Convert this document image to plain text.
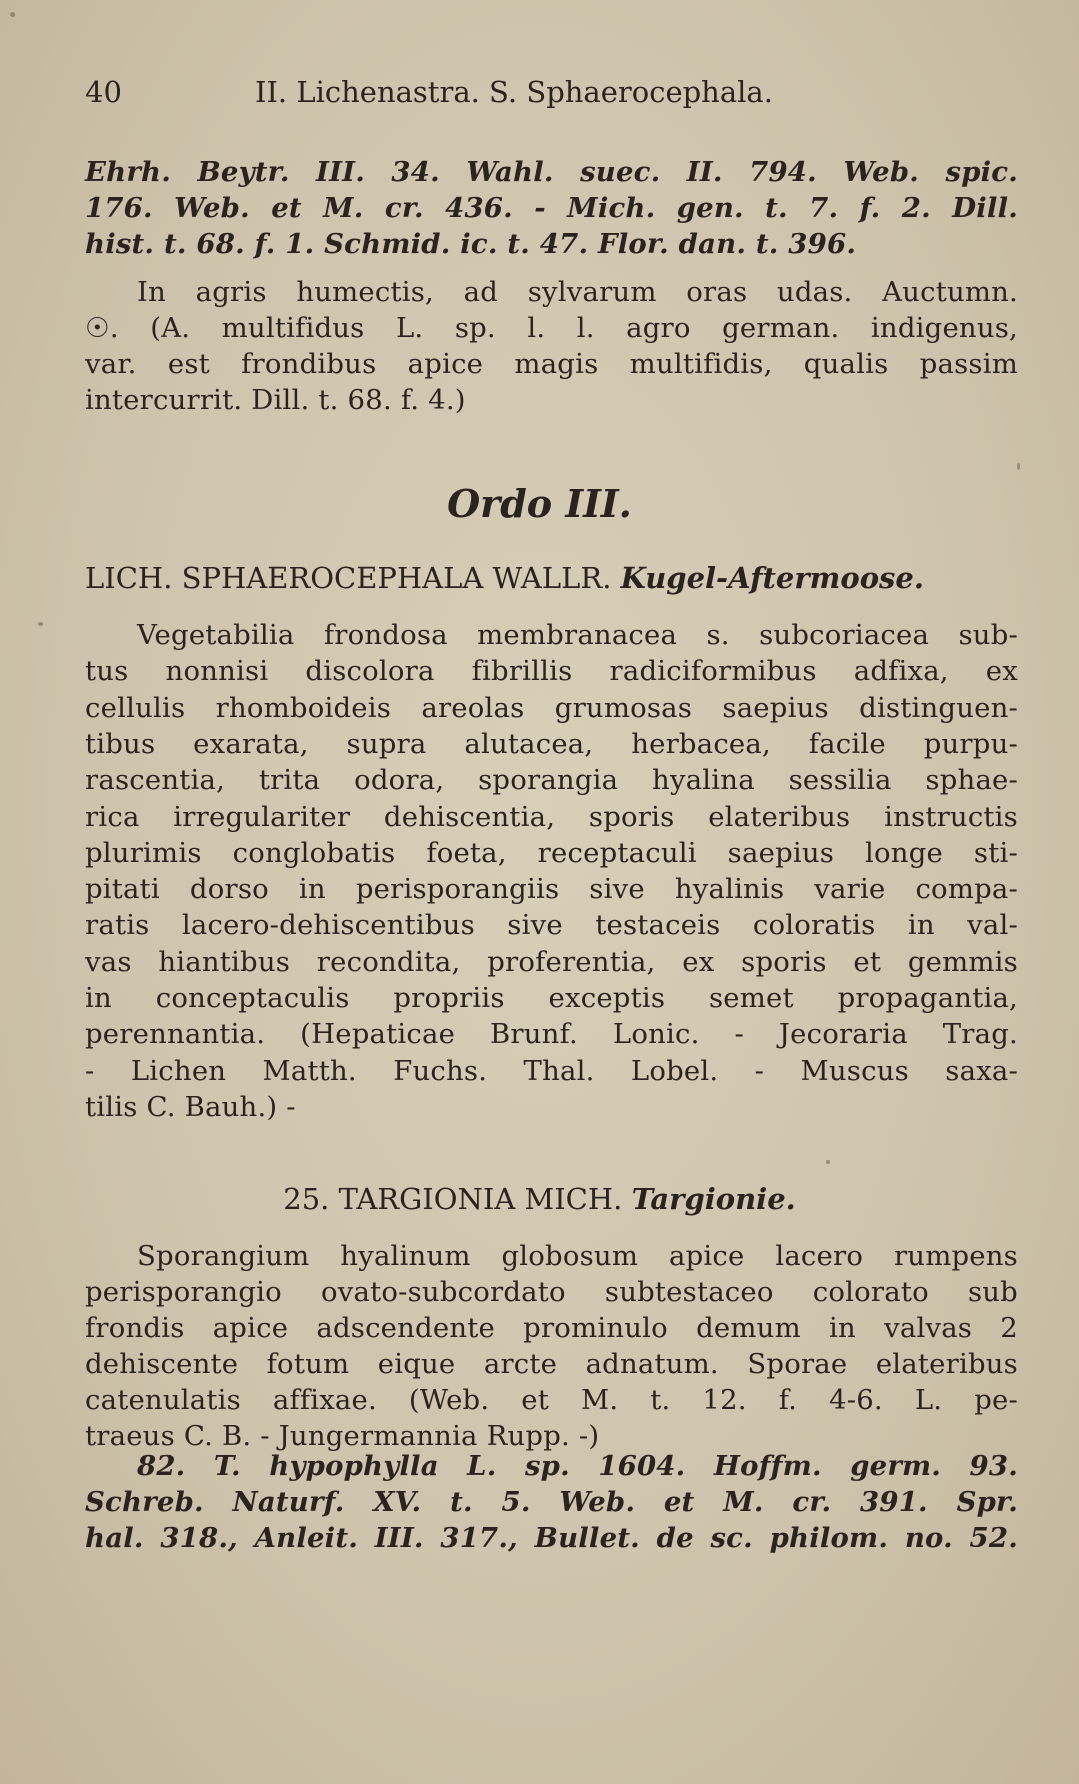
40	II. Lichenastra. S. Sphaerocephala.
Ehrh. Beytr. III. 34. Wahl. suec. II. 794. Web. spic.
176. Web. et M. cr. 436. - Mich. gen. t. 7. f. 2. Dill.
hist. t. 68. f. 1. Schmid. ic. t. 47. Flor. dan. t. 396.
In agris humectis, ad sylvarum oras udas. Auctumn.
☉. (A. multifidus L. sp. l. l. agro german. indigenus,
var. est frondibus apice magis multifidis, qualis passim
intercurrit. Dill. t. 68. f. 4.)
Ordo III.
LICH. SPHAEROCEPHALA WALLR. Kugel-Aftermoose.
Vegetabilia frondosa membranacea s. subcoriacea sub-
tus nonnisi discolora fibrillis radiciformibus adfixa, ex
cellulis rhomboideis areolas grumosas saepius distinguen-
tibus exarata, supra alutacea, herbacea, facile purpu-
rascentia, trita odora, sporangia hyalina sessilia sphae-
rica irregulariter dehiscentia, sporis elateribus instructis
plurimis conglobatis foeta, receptaculi saepius longe sti-
pitati dorso in perisporangiis sive hyalinis varie compa-
ratis lacero-dehiscentibus sive testaceis coloratis in val-
vas hiantibus recondita, proferentia, ex sporis et gemmis
in conceptaculis propriis exceptis semet propagantia,
perennantia. (Hepaticae Brunf. Lonic. - Jecoraria Trag.
- Lichen Matth. Fuchs. Thal. Lobel. - Muscus saxa-
tilis C. Bauh.) -
25. TARGIONIA MICH. Targionie.
Sporangium hyalinum globosum apice lacero rumpens
perisporangio ovato-subcordato subtestaceo colorato sub
frondis apice adscendente prominulo demum in valvas 2
dehiscente fotum eique arcte adnatum. Sporae elateribus
catenulatis affixae. (Web. et M. t. 12. f. 4-6. L. pe-
traeus C. B. - Jungermannia Rupp. -)
82. T. hypophylla L. sp. 1604. Hoffm. germ. 93.
Schreb. Naturf. XV. t. 5. Web. et M. cr. 391. Spr.
hal. 318., Anleit. III. 317., Bullet. de sc. philom. no. 52.
